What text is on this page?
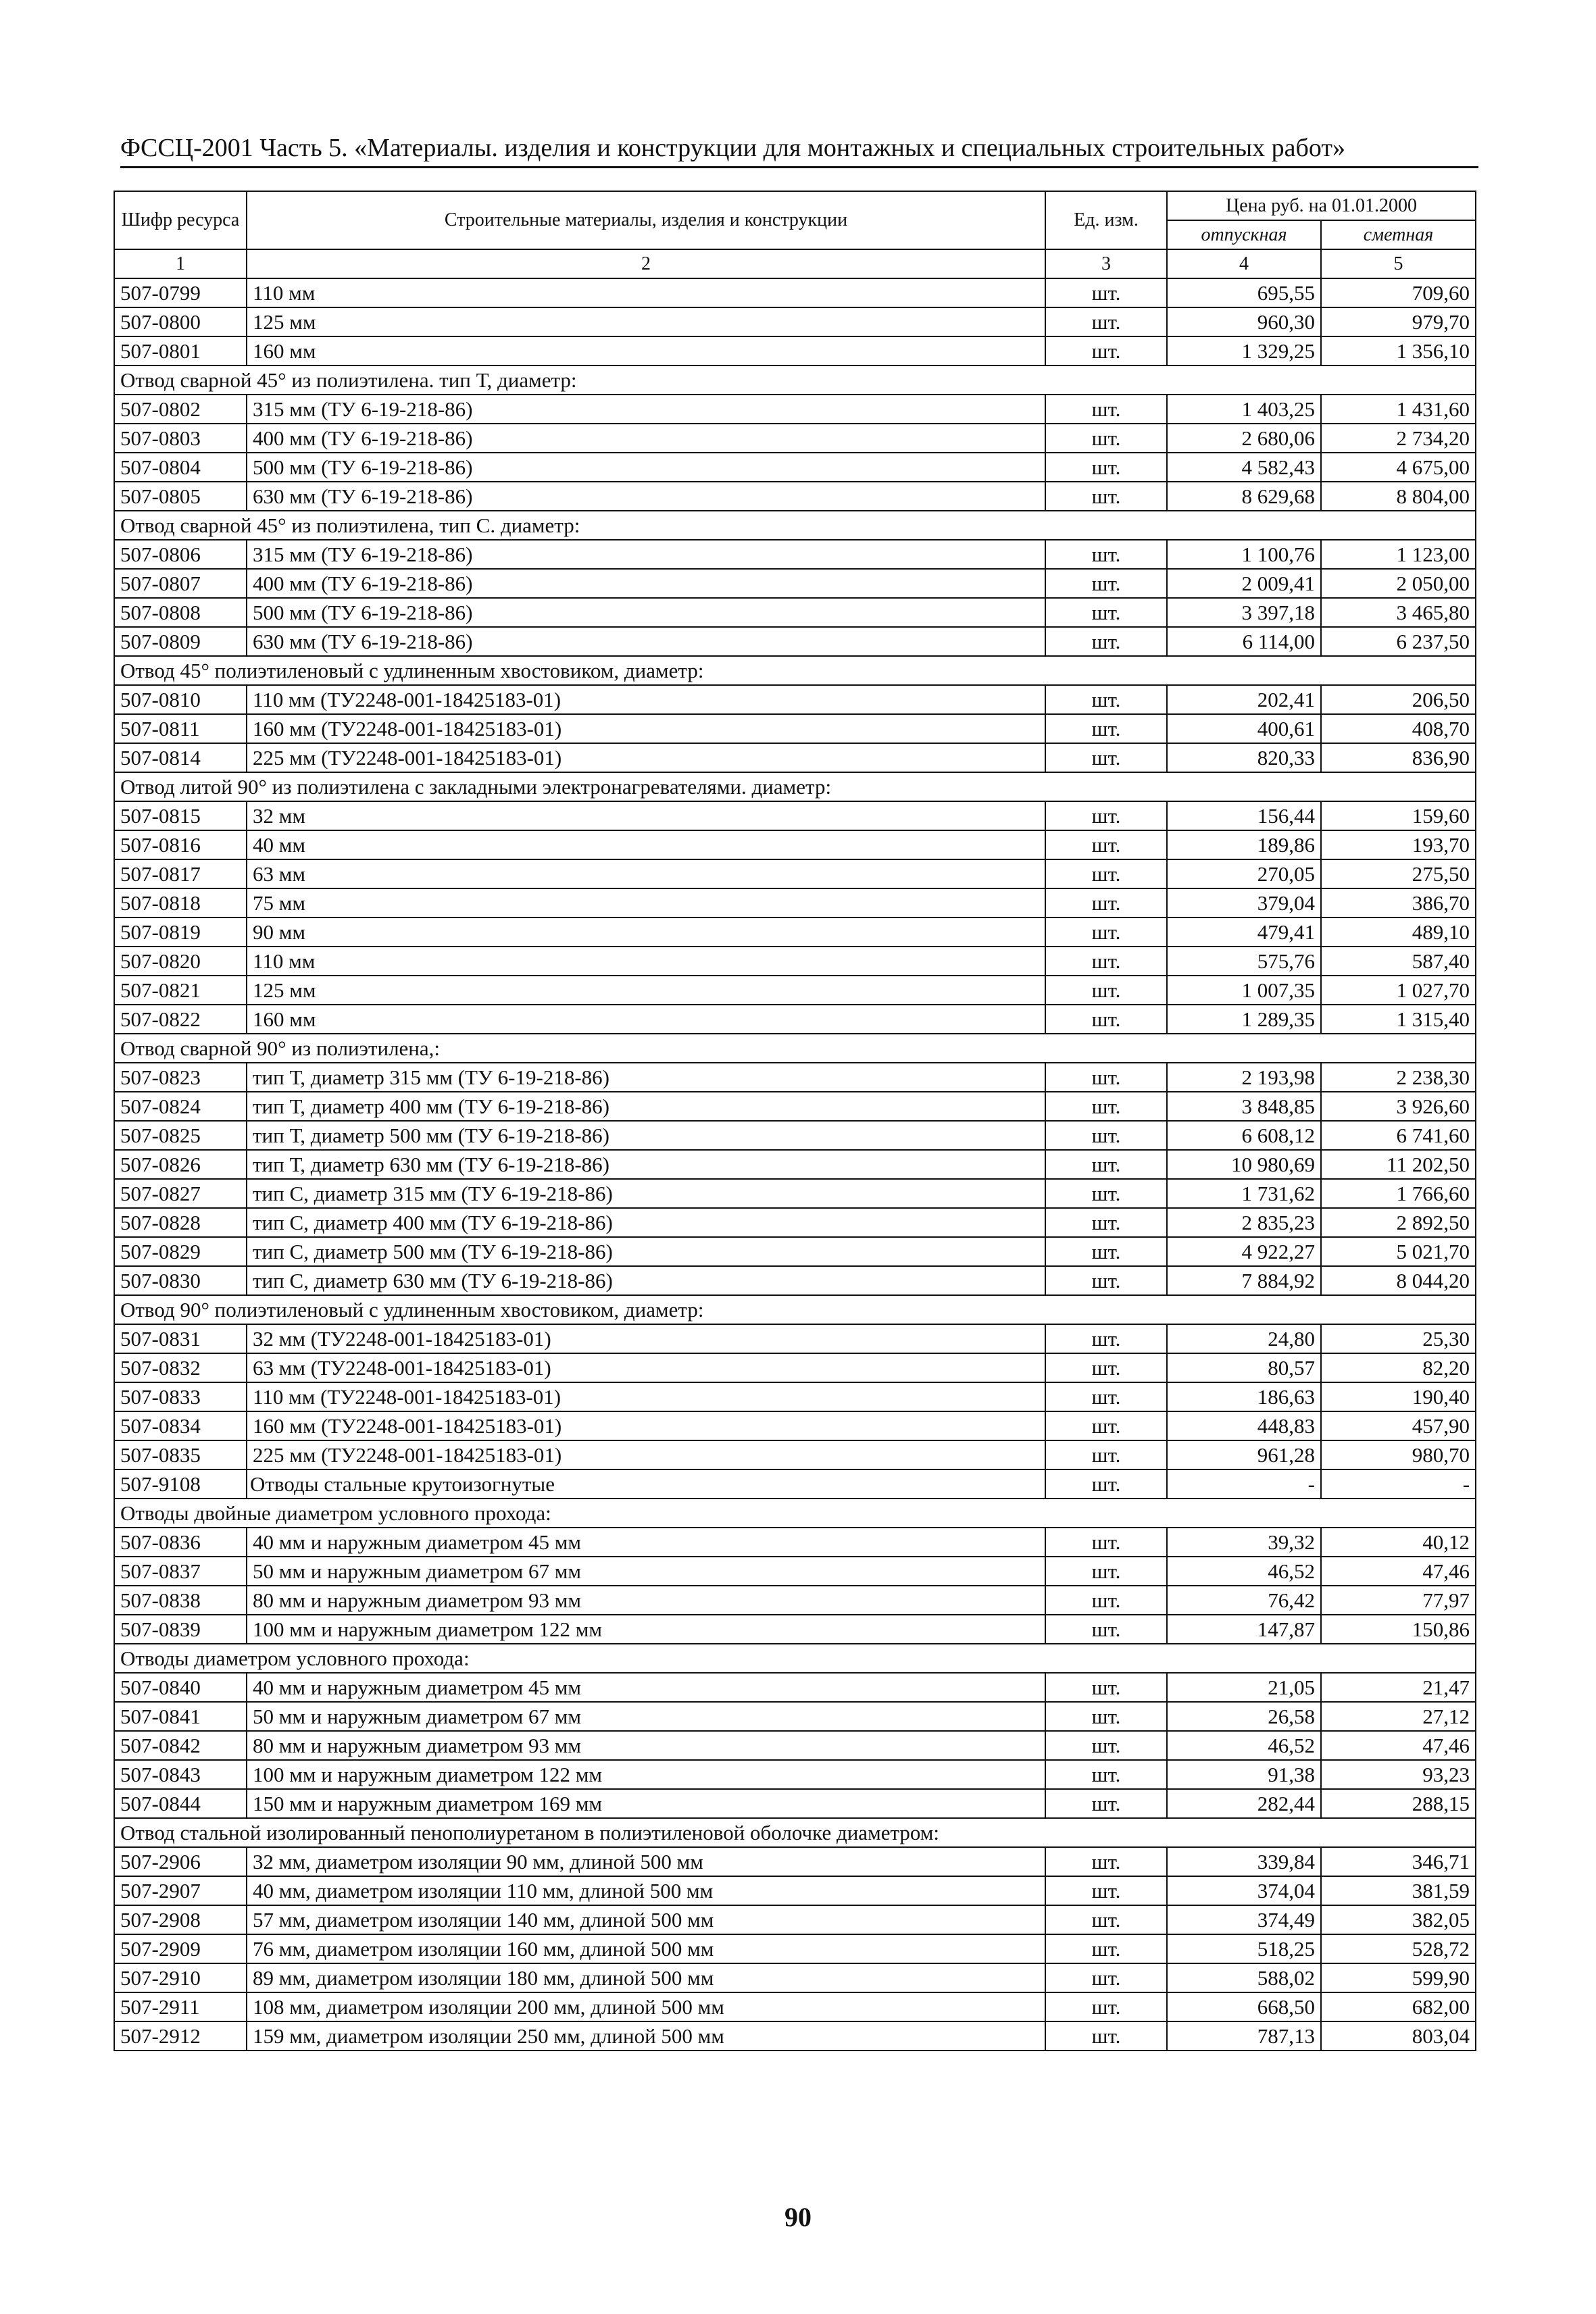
ФССЦ-2001 Часть 5. «Материалы. изделия и конструкции для монтажных и специальных строительных работ»
Шифр ресурса	Строительные материалы, изделия и конструкции	Ед. изм.	Цена руб. на 01.01.2000	
			отпускная	сметная
1	2	3	4	5
507-0799	110 мм	шт.	695,55	709,60
507-0800	125 мм	шт.	960,30	979,70
507-0801	160 мм	шт.	1 329,25	1 356,10
Отвод сварной 45° из полиэтилена. тип Т, диаметр:				
507-0802	315 мм (ТУ 6-19-218-86)	шт.	1 403,25	1 431,60
507-0803	400 мм (ТУ 6-19-218-86)	шт.	2 680,06	2 734,20
507-0804	500 мм (ТУ 6-19-218-86)	шт.	4 582,43	4 675,00
507-0805	630 мм (ТУ 6-19-218-86)	шт.	8 629,68	8 804,00
Отвод сварной 45° из полиэтилена, тип С. диаметр:				
507-0806	315 мм (ТУ 6-19-218-86)	шт.	1 100,76	1 123,00
507-0807	400 мм (ТУ 6-19-218-86)	шт.	2 009,41	2 050,00
507-0808	500 мм (ТУ 6-19-218-86)	шт.	3 397,18	3 465,80
507-0809	630 мм (ТУ 6-19-218-86)	шт.	6 114,00	6 237,50
Отвод 45° полиэтиленовый с удлиненным хвостовиком, диаметр:				
507-0810	110 мм (ТУ2248-001-18425183-01)	шт.	202,41	206,50
507-0811	160 мм (ТУ2248-001-18425183-01)	шт.	400,61	408,70
507-0814	225 мм (ТУ2248-001-18425183-01)	шт.	820,33	836,90
Отвод литой 90° из полиэтилена с закладными электронагревателями. диаметр:				
507-0815	32 мм	шт.	156,44	159,60
507-0816	40 мм	шт.	189,86	193,70
507-0817	63 мм	шт.	270,05	275,50
507-0818	75 мм	шт.	379,04	386,70
507-0819	90 мм	шт.	479,41	489,10
507-0820	110 мм	шт.	575,76	587,40
507-0821	125 мм	шт.	1 007,35	1 027,70
507-0822	160 мм	шт.	1 289,35	1 315,40
Отвод сварной 90° из полиэтилена,:				
507-0823	тип Т, диаметр 315 мм (ТУ 6-19-218-86)	шт.	2 193,98	2 238,30
507-0824	тип Т, диаметр 400 мм (ТУ 6-19-218-86)	шт.	3 848,85	3 926,60
507-0825	тип Т, диаметр 500 мм (ТУ 6-19-218-86)	шт.	6 608,12	6 741,60
507-0826	тип Т, диаметр 630 мм (ТУ 6-19-218-86)	шт.	10 980,69	11 202,50
507-0827	тип С, диаметр 315 мм (ТУ 6-19-218-86)	шт.	1 731,62	1 766,60
507-0828	тип С, диаметр 400 мм (ТУ 6-19-218-86)	шт.	2 835,23	2 892,50
507-0829	тип С, диаметр 500 мм (ТУ 6-19-218-86)	шт.	4 922,27	5 021,70
507-0830	тип С, диаметр 630 мм (ТУ 6-19-218-86)	шт.	7 884,92	8 044,20
Отвод 90° полиэтиленовый с удлиненным хвостовиком, диаметр:				
507-0831	32 мм (ТУ2248-001-18425183-01)	шт.	24,80	25,30
507-0832	63 мм (ТУ2248-001-18425183-01)	шт.	80,57	82,20
507-0833	110 мм (ТУ2248-001-18425183-01)	шт.	186,63	190,40
507-0834	160 мм (ТУ2248-001-18425183-01)	шт.	448,83	457,90
507-0835	225 мм (ТУ2248-001-18425183-01)	шт.	961,28	980,70
507-9108	Отводы стальные крутоизогнутые	шт.	-	-
Отводы двойные диаметром условного прохода:				
507-0836	40 мм и наружным диаметром 45 мм	шт.	39,32	40,12
507-0837	50 мм и наружным диаметром 67 мм	шт.	46,52	47,46
507-0838	80 мм и наружным диаметром 93 мм	шт.	76,42	77,97
507-0839	100 мм и наружным диаметром 122 мм	шт.	147,87	150,86
Отводы диаметром условного прохода:				
507-0840	40 мм и наружным диаметром 45 мм	шт.	21,05	21,47
507-0841	50 мм и наружным диаметром 67 мм	шт.	26,58	27,12
507-0842	80 мм и наружным диаметром 93 мм	шт.	46,52	47,46
507-0843	100 мм и наружным диаметром 122 мм	шт.	91,38	93,23
507-0844	150 мм и наружным диаметром 169 мм	шт.	282,44	288,15
Отвод стальной изолированный пенополиуретаном в полиэтиленовой оболочке диаметром:				
507-2906	32 мм, диаметром изоляции 90 мм, длиной 500 мм	шт.	339,84	346,71
507-2907	40 мм, диаметром изоляции 110 мм, длиной 500 мм	шт.	374,04	381,59
507-2908	57 мм, диаметром изоляции 140 мм, длиной 500 мм	шт.	374,49	382,05
507-2909	76 мм, диаметром изоляции 160 мм, длиной 500 мм	шт.	518,25	528,72
507-2910	89 мм, диаметром изоляции 180 мм, длиной 500 мм	шт.	588,02	599,90
507-2911	108 мм, диаметром изоляции 200 мм, длиной 500 мм	шт.	668,50	682,00
507-2912	159 мм, диаметром изоляции 250 мм, длиной 500 мм	шт.	787,13	803,04
90
